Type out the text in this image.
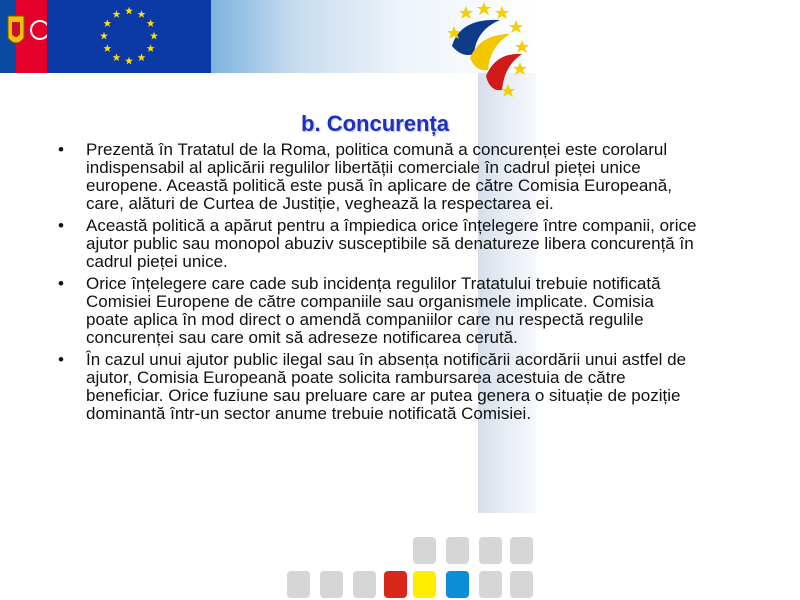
b. Concurența
• Prezentă în Tratatul de la Roma, politica comună a concurenței este corolarul indispensabil al aplicării regulilor libertății comerciale în cadrul pieței unice europene. Această politică este pusă în aplicare de către Comisia Europeană, care, alături de Curtea de Justiție, veghează la respectarea ei.
• Această politică a apărut pentru a împiedica orice înțelegere între companii, orice ajutor public sau monopol abuziv susceptibile să denatureze libera concurență în cadrul pieței unice.
• Orice înțelegere care cade sub incidența regulilor Tratatului trebuie notificată Comisiei Europene de către companiile sau organismele implicate. Comisia poate aplica în mod direct o amendă companiilor care nu respectă regulile concurenței sau care omit să adreseze notificarea cerută.
• În cazul unui ajutor public ilegal sau în absența notificării acordării unui astfel de ajutor, Comisia Europeană poate solicita rambursarea acestuia de către beneficiar. Orice fuziune sau preluare care ar putea genera o situație de poziție dominantă într-un sector anume trebuie notificată Comisiei.
